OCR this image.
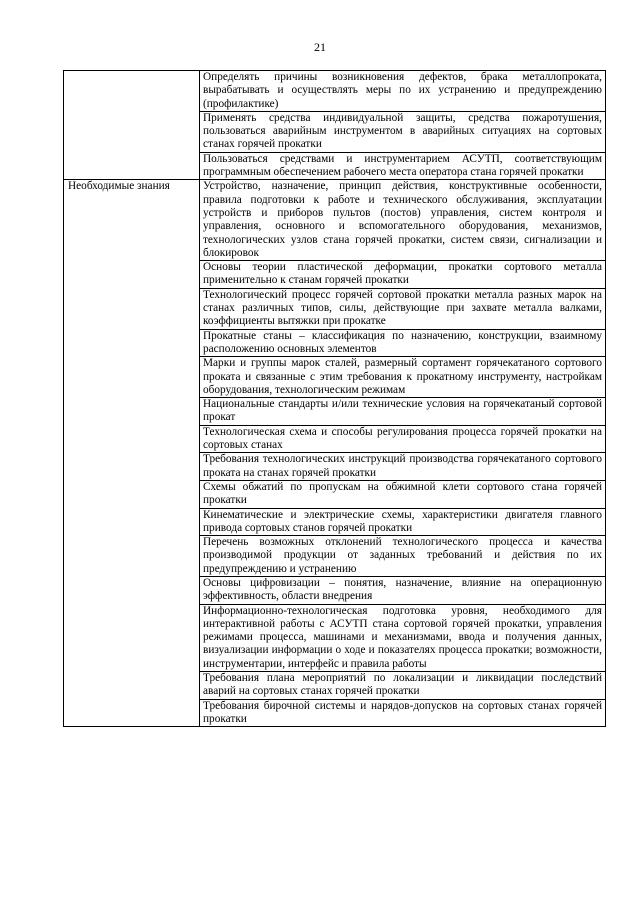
21
	Определять причины возникновения дефектов, брака металлопроката, вырабатывать и осуществлять меры по их устранению и предупреждению (профилактике)
	Применять средства индивидуальной защиты, средства пожаротушения, пользоваться аварийным инструментом в аварийных ситуациях на сортовых станах горячей прокатки
	Пользоваться средствами и инструментарием АСУТП, соответствующим программным обеспечением рабочего места оператора стана горячей прокатки
Необходимые знания	Устройство, назначение, принцип действия, конструктивные особенности, правила подготовки к работе и технического обслуживания, эксплуатации устройств и приборов пультов (постов) управления, систем контроля и управления, основного и вспомогательного оборудования, механизмов, технологических узлов стана горячей прокатки, систем связи, сигнализации и блокировок
	Основы теории пластической деформации, прокатки сортового металла применительно к станам горячей прокатки
	Технологический процесс горячей сортовой прокатки металла разных марок на станах различных типов, силы, действующие при захвате металла валками, коэффициенты вытяжки при прокатке
	Прокатные станы – классификация по назначению, конструкции, взаимному расположению основных элементов
	Марки и группы марок сталей, размерный сортамент горячекатаного сортового проката и связанные с этим требования к прокатному инструменту, настройкам оборудования, технологическим режимам
	Национальные стандарты и/или технические условия на горячекатаный сортовой прокат
	Технологическая схема и способы регулирования процесса горячей прокатки на сортовых станах
	Требования технологических инструкций производства горячекатаного сортового проката на станах горячей прокатки
	Схемы обжатий по пропускам на обжимной клети сортового стана горячей прокатки
	Кинематические и электрические схемы, характеристики двигателя главного привода сортовых станов горячей прокатки
	Перечень возможных отклонений технологического процесса и качества производимой продукции от заданных требований и действия по их предупреждению и устранению
	Основы цифровизации – понятия, назначение, влияние на операционную эффективность, области внедрения
	Информационно-технологическая подготовка уровня, необходимого для интерактивной работы с АСУТП стана сортовой горячей прокатки, управления режимами процесса, машинами и механизмами, ввода и получения данных, визуализации информации о ходе и показателях процесса прокатки; возможности, инструментарии, интерфейс и правила работы
	Требования плана мероприятий по локализации и ликвидации последствий аварий на сортовых станах горячей прокатки
	Требования бирочной системы и нарядов-допусков на сортовых станах горячей прокатки
